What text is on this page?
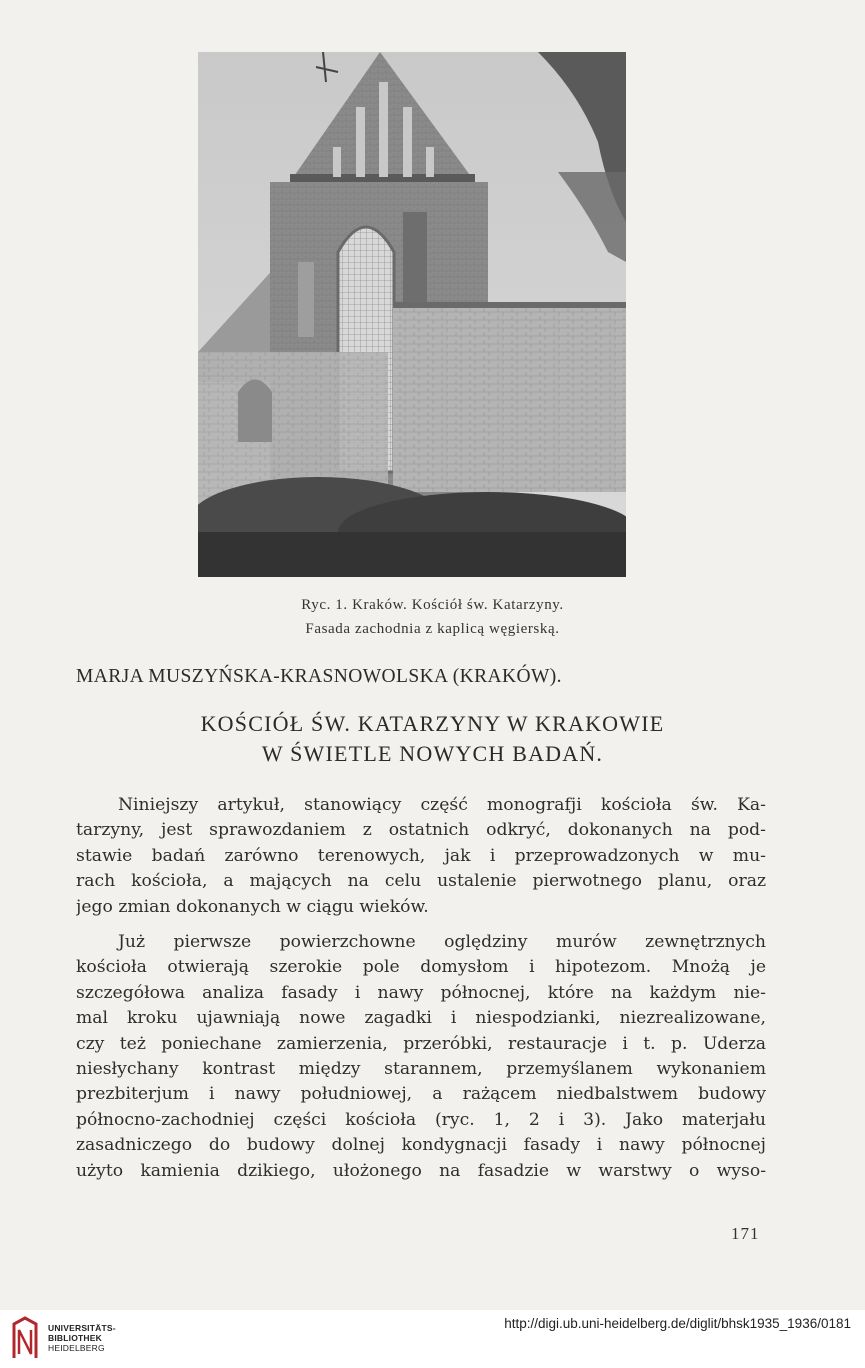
Ryc. 1. Kraków. Kościół św. Katarzyny.
Fasada zachodnia z kaplicą węgierską.
MARJA MUSZYŃSKA-KRASNOWOLSKA (KRAKÓW).
KOŚCIÓŁ ŚW. KATARZYNY W KRAKOWIE
W ŚWIETLE NOWYCH BADAŃ.
Niniejszy artykuł, stanowiący część monografji kościoła św. Ka-
tarzyny, jest sprawozdaniem z ostatnich odkryć, dokonanych na pod-
stawie badań zarówno terenowych, jak i przeprowadzonych w mu-
rach kościoła, a mających na celu ustalenie pierwotnego planu, oraz
jego zmian dokonanych w ciągu wieków.
Już pierwsze powierzchowne oględziny murów zewnętrznych
kościoła otwierają szerokie pole domysłom i hipotezom. Mnożą je
szczegółowa analiza fasady i nawy północnej, które na każdym nie-
mal kroku ujawniają nowe zagadki i niespodzianki, niezrealizowane,
czy też poniechane zamierzenia, przeróbki, restauracje i t. p. Uderza
niesłychany kontrast między starannem, przemyślanem wykonaniem
prezbiterjum i nawy południowej, a rażącem niedbalstwem budowy
północno-zachodniej części kościoła (ryc. 1, 2 i 3). Jako materjału
zasadniczego do budowy dolnej kondygnacji fasady i nawy północnej
użyto kamienia dzikiego, ułożonego na fasadzie w warstwy o wyso-
171
UNIVERSITÄTS-
BIBLIOTHEK
HEIDELBERG
http://digi.ub.uni-heidelberg.de/diglit/bhsk1935_1936/0181
